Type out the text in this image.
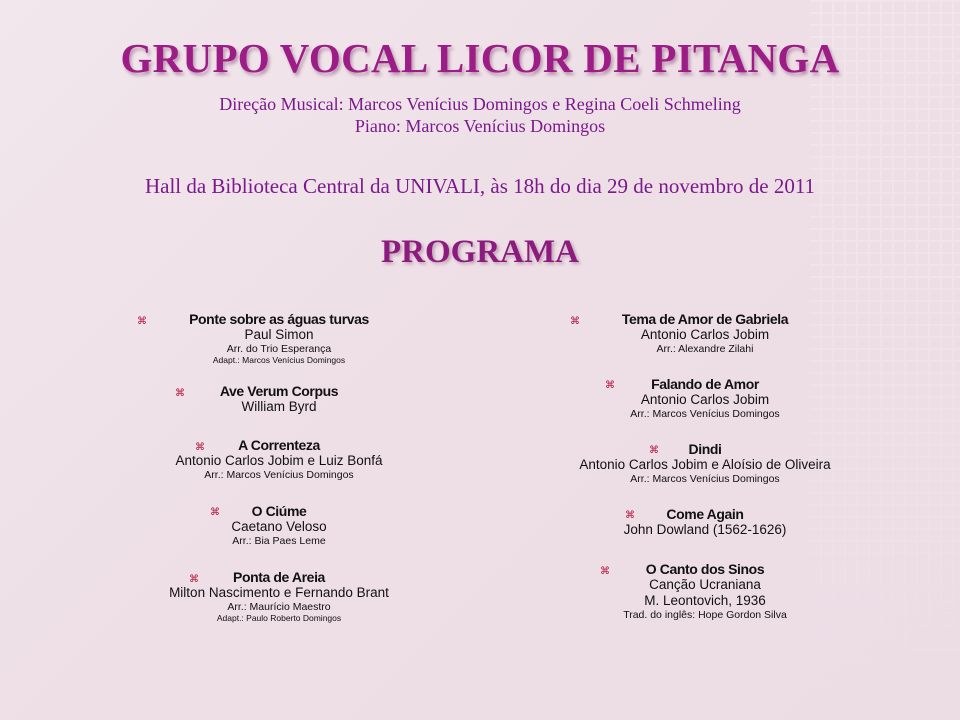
GRUPO VOCAL LICOR DE PITANGA
Direção Musical: Marcos Venícius Domingos e Regina Coeli Schmeling
Piano: Marcos Venícius Domingos
Hall da Biblioteca Central da UNIVALI, às 18h do dia 29 de novembro de 2011
PROGRAMA
⌘	Ponte sobre as águas turvas
Paul Simon
Arr. do Trio Esperança
Adapt.: Marcos Venícius Domingos
⌘	Ave Verum Corpus
William Byrd
⌘	A Correnteza
Antonio Carlos Jobim e Luiz Bonfá
Arr.: Marcos Venícius Domingos
⌘	O Ciúme
Caetano Veloso
Arr.: Bia Paes Leme
⌘	Ponta de Areia
Milton Nascimento e Fernando Brant
Arr.: Maurício Maestro
Adapt.: Paulo Roberto Domingos
⌘	Tema de Amor de Gabriela
Antonio Carlos Jobim
Arr.: Alexandre Zilahi
⌘	Falando de Amor
Antonio Carlos Jobim
Arr.: Marcos Venícius Domingos
⌘	Dindi
Antonio Carlos Jobim e Aloísio de Oliveira
Arr.: Marcos Venícius Domingos
⌘	Come Again
John Dowland (1562-1626)
⌘	O Canto dos Sinos
Canção Ucraniana
M. Leontovich, 1936
Trad. do inglês: Hope Gordon Silva
